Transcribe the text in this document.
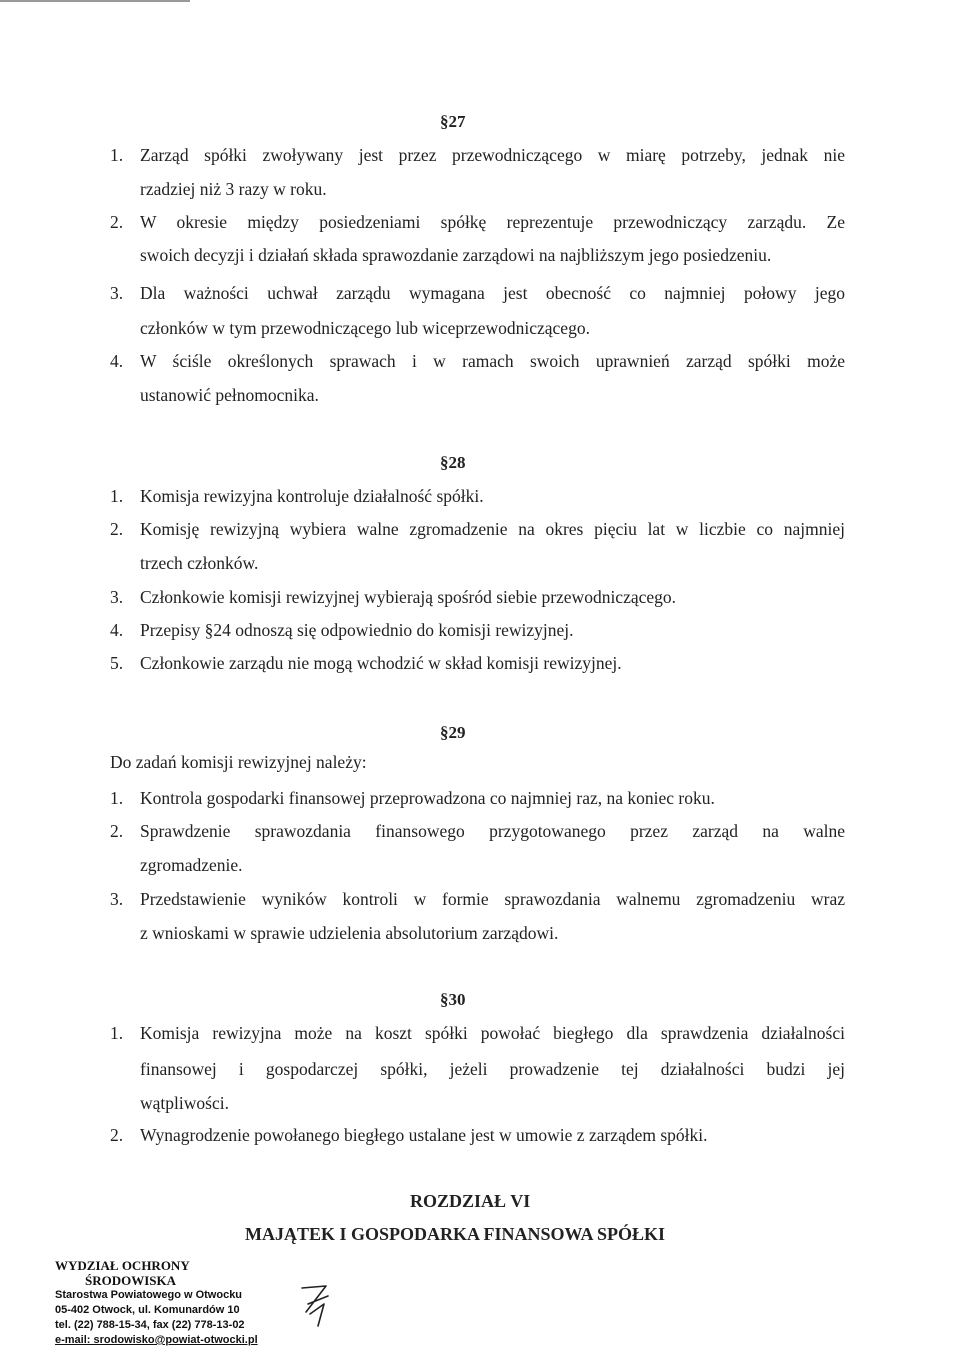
§27
1. Zarząd spółki zwoływany jest przez przewodniczącego w miarę potrzeby, jednak nie
rzadziej niż 3 razy w roku.
2. W okresie między posiedzeniami spółkę reprezentuje przewodniczący zarządu. Ze
swoich decyzji i działań składa sprawozdanie zarządowi na najbliższym jego posiedzeniu.
3. Dla ważności uchwał zarządu wymagana jest obecność co najmniej połowy jego
członków w tym przewodniczącego lub wiceprzewodniczącego.
4. W ściśle określonych sprawach i w ramach swoich uprawnień zarząd spółki może
ustanowić pełnomocnika.
§28
1. Komisja rewizyjna kontroluje działalność spółki.
2. Komisję rewizyjną wybiera walne zgromadzenie na okres pięciu lat w liczbie co najmniej
trzech członków.
3. Członkowie komisji rewizyjnej wybierają spośród siebie przewodniczącego.
4. Przepisy §24 odnoszą się odpowiednio do komisji rewizyjnej.
5. Członkowie zarządu nie mogą wchodzić w skład komisji rewizyjnej.
§29
Do zadań komisji rewizyjnej należy:
1. Kontrola gospodarki finansowej przeprowadzona co najmniej raz, na koniec roku.
2. Sprawdzenie sprawozdania finansowego przygotowanego przez zarząd na walne
zgromadzenie.
3. Przedstawienie wyników kontroli w formie sprawozdania walnemu zgromadzeniu wraz
z wnioskami w sprawie udzielenia absolutorium zarządowi.
§30
1. Komisja rewizyjna może na koszt spółki powołać biegłego dla sprawdzenia działalności
finansowej i gospodarczej spółki, jeżeli prowadzenie tej działalności budzi jej
wątpliwości.
2. Wynagrodzenie powołanego biegłego ustalane jest w umowie z zarządem spółki.
ROZDZIAŁ VI
MAJĄTEK I GOSPODARKA FINANSOWA SPÓŁKI
WYDZIAŁ OCHRONY
ŚRODOWISKA
Starostwa Powiatowego w Otwocku
05-402 Otwock, ul. Komunardów 10
tel. (22) 788-15-34, fax (22) 778-13-02
e-mail: srodowisko@powiat-otwocki.pl
